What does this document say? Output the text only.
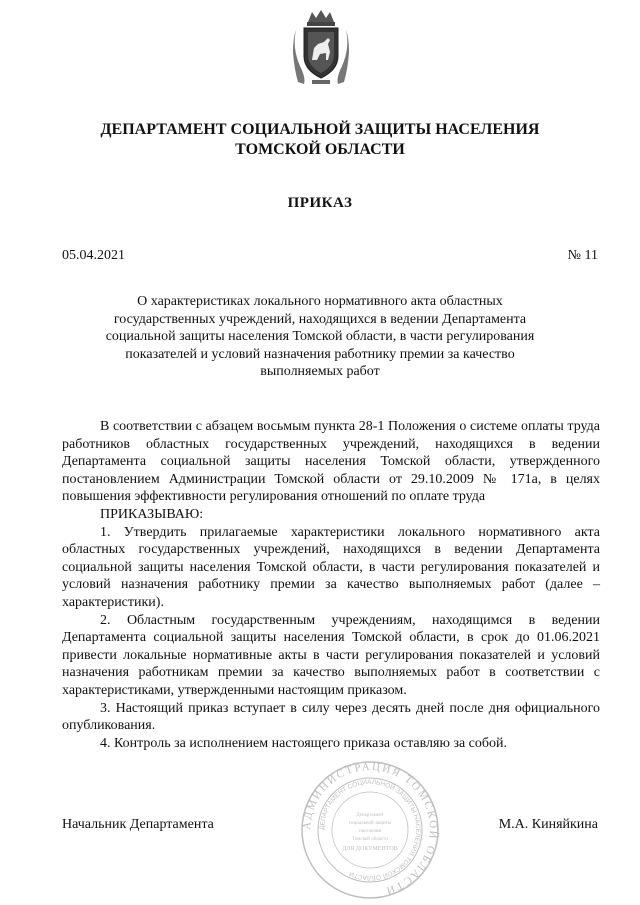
ДЕПАРТАМЕНТ СОЦИАЛЬНОЙ ЗАЩИТЫ НАСЕЛЕНИЯ
ТОМСКОЙ ОБЛАСТИ
ПРИКАЗ
05.04.2021	№ 11
О характеристиках локального нормативного акта областных государственных учреждений, находящихся в ведении Департамента социальной защиты населения Томской области, в части регулирования показателей и условий назначения работнику премии за качество выполняемых работ

В соответствии с абзацем восьмым пункта 28-1 Положения о системе оплаты труда работников областных государственных учреждений, находящихся в ведении Департамента социальной защиты населения Томской области, утвержденного постановлением Администрации Томской области от 29.10.2009 № 171а, в целях повышения эффективности регулирования отношений по оплате труда

ПРИКАЗЫВАЮ:

1. Утвердить прилагаемые характеристики локального нормативного акта областных государственных учреждений, находящихся в ведении Департамента социальной защиты населения Томской области, в части регулирования показателей и условий назначения работнику премии за качество выполняемых работ (далее – характеристики).

2. Областным государственным учреждениям, находящимся в ведении Департамента социальной защиты населения Томской области, в срок до 01.06.2021 привести локальные нормативные акты в части регулирования показателей и условий назначения работникам премии за качество выполняемых работ в соответствии с характеристиками, утвержденными настоящим приказом.

3. Настоящий приказ вступает в силу через десять дней после дня официального опубликования.

4. Контроль за исполнением настоящего приказа оставляю за собой.

Начальник Департамента	М.А. Киняйкина
АДМИНИСТРАЦИЯ ТОМСКОЙ ОБЛАСТИ
ДЕПАРТАМЕНТ СОЦИАЛЬНОЙ ЗАЩИТЫ НАСЕЛЕНИЯ ТОМСКОЙ ОБЛАСТИ
Департамент
социальной защиты
населения
Томской области
ДЛЯ ДОКУМЕНТОВ
